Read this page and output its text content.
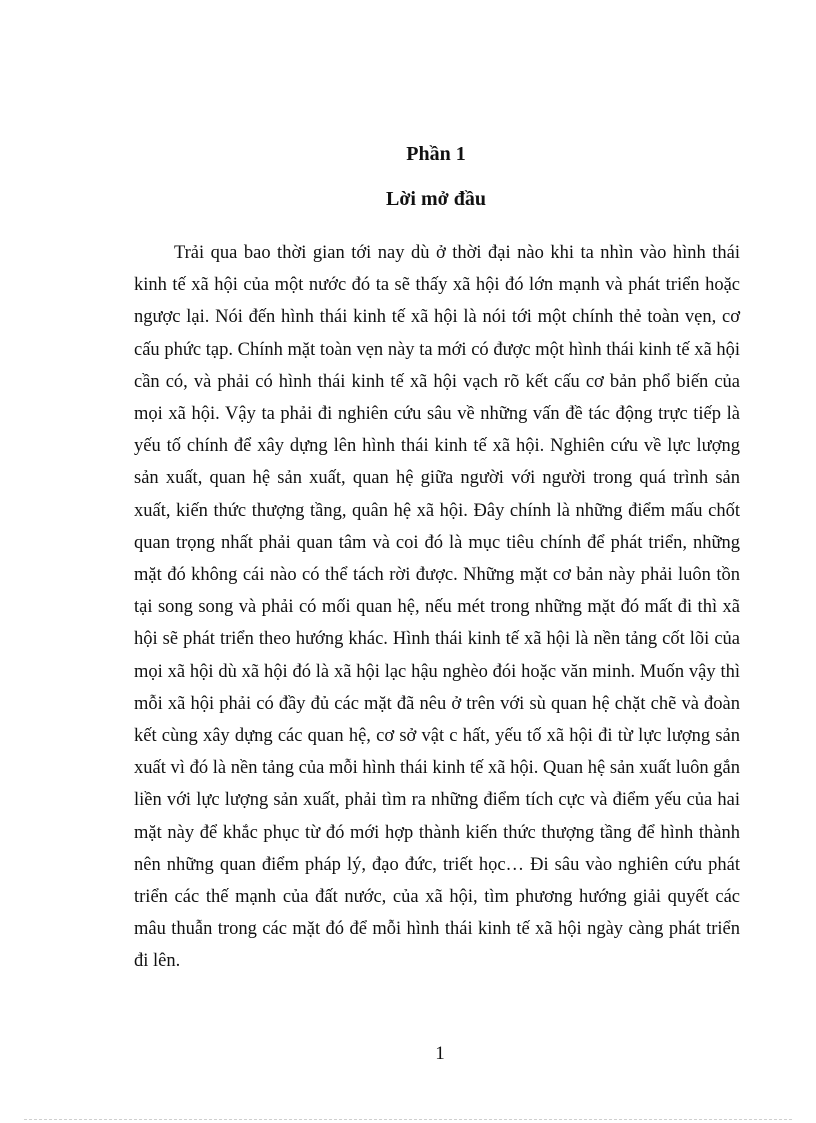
Phần 1
Lời mở đầu

Trải qua bao thời gian tới nay dù ở thời đại nào khi ta nhìn vào hình thái kinh tế xã hội của một nước đó ta sẽ thấy xã hội đó lớn mạnh và phát triển hoặc ngược lại. Nói đến hình thái kinh tế xã hội là nói tới một chính thẻ toàn vẹn, cơ cấu phức tạp. Chính mặt toàn vẹn này ta mới có được một hình thái kinh tế xã hội cần có, và phải có hình thái kinh tế xã hội vạch rõ kết cấu cơ bản phổ biến của mọi xã hội. Vậy ta phải đi nghiên cứu sâu về những vấn đề tác động trực tiếp là yếu tố chính để xây dựng lên hình thái kinh tế xã hội. Nghiên cứu về lực lượng sản xuất, quan hệ sản xuất, quan hệ giữa người với người trong quá trình sản xuất, kiến thức thượng tầng, quân hệ xã hội. Đây chính là những điểm mấu chốt quan trọng nhất phải quan tâm và coi đó là mục tiêu chính để phát triển, những mặt đó không cái nào có thể tách rời được. Những mặt cơ bản này phải luôn tồn tại song song và phải có mối quan hệ, nếu mét trong những mặt đó mất đi thì xã hội sẽ phát triển theo hướng khác. Hình thái kinh tế xã hội là nền tảng cốt lõi của mọi xã hội dù xã hội đó là xã hội lạc hậu nghèo đói hoặc văn minh. Muốn vậy thì mỗi xã hội phải có đầy đủ các mặt đã nêu ở trên với sù quan hệ chặt chẽ và đoàn kết cùng xây dựng các quan hệ, cơ sở vật c hất, yếu tố xã hội đi từ lực lượng sản xuất vì đó là nền tảng của mỗi hình thái kinh tế xã hội. Quan hệ sản xuất luôn gắn liền với lực lượng sản xuất, phải tìm ra những điểm tích cực và điểm yếu của hai mặt này để khắc phục từ đó mới hợp thành kiến thức thượng tầng để hình thành nên những quan điểm pháp lý, đạo đức, triết học… Đi sâu vào nghiên cứu phát triển các thế mạnh của đất nước, của xã hội, tìm phương hướng giải quyết các mâu thuẫn trong các mặt đó để mỗi hình thái kinh tế xã hội ngày càng phát triển đi lên.

1
